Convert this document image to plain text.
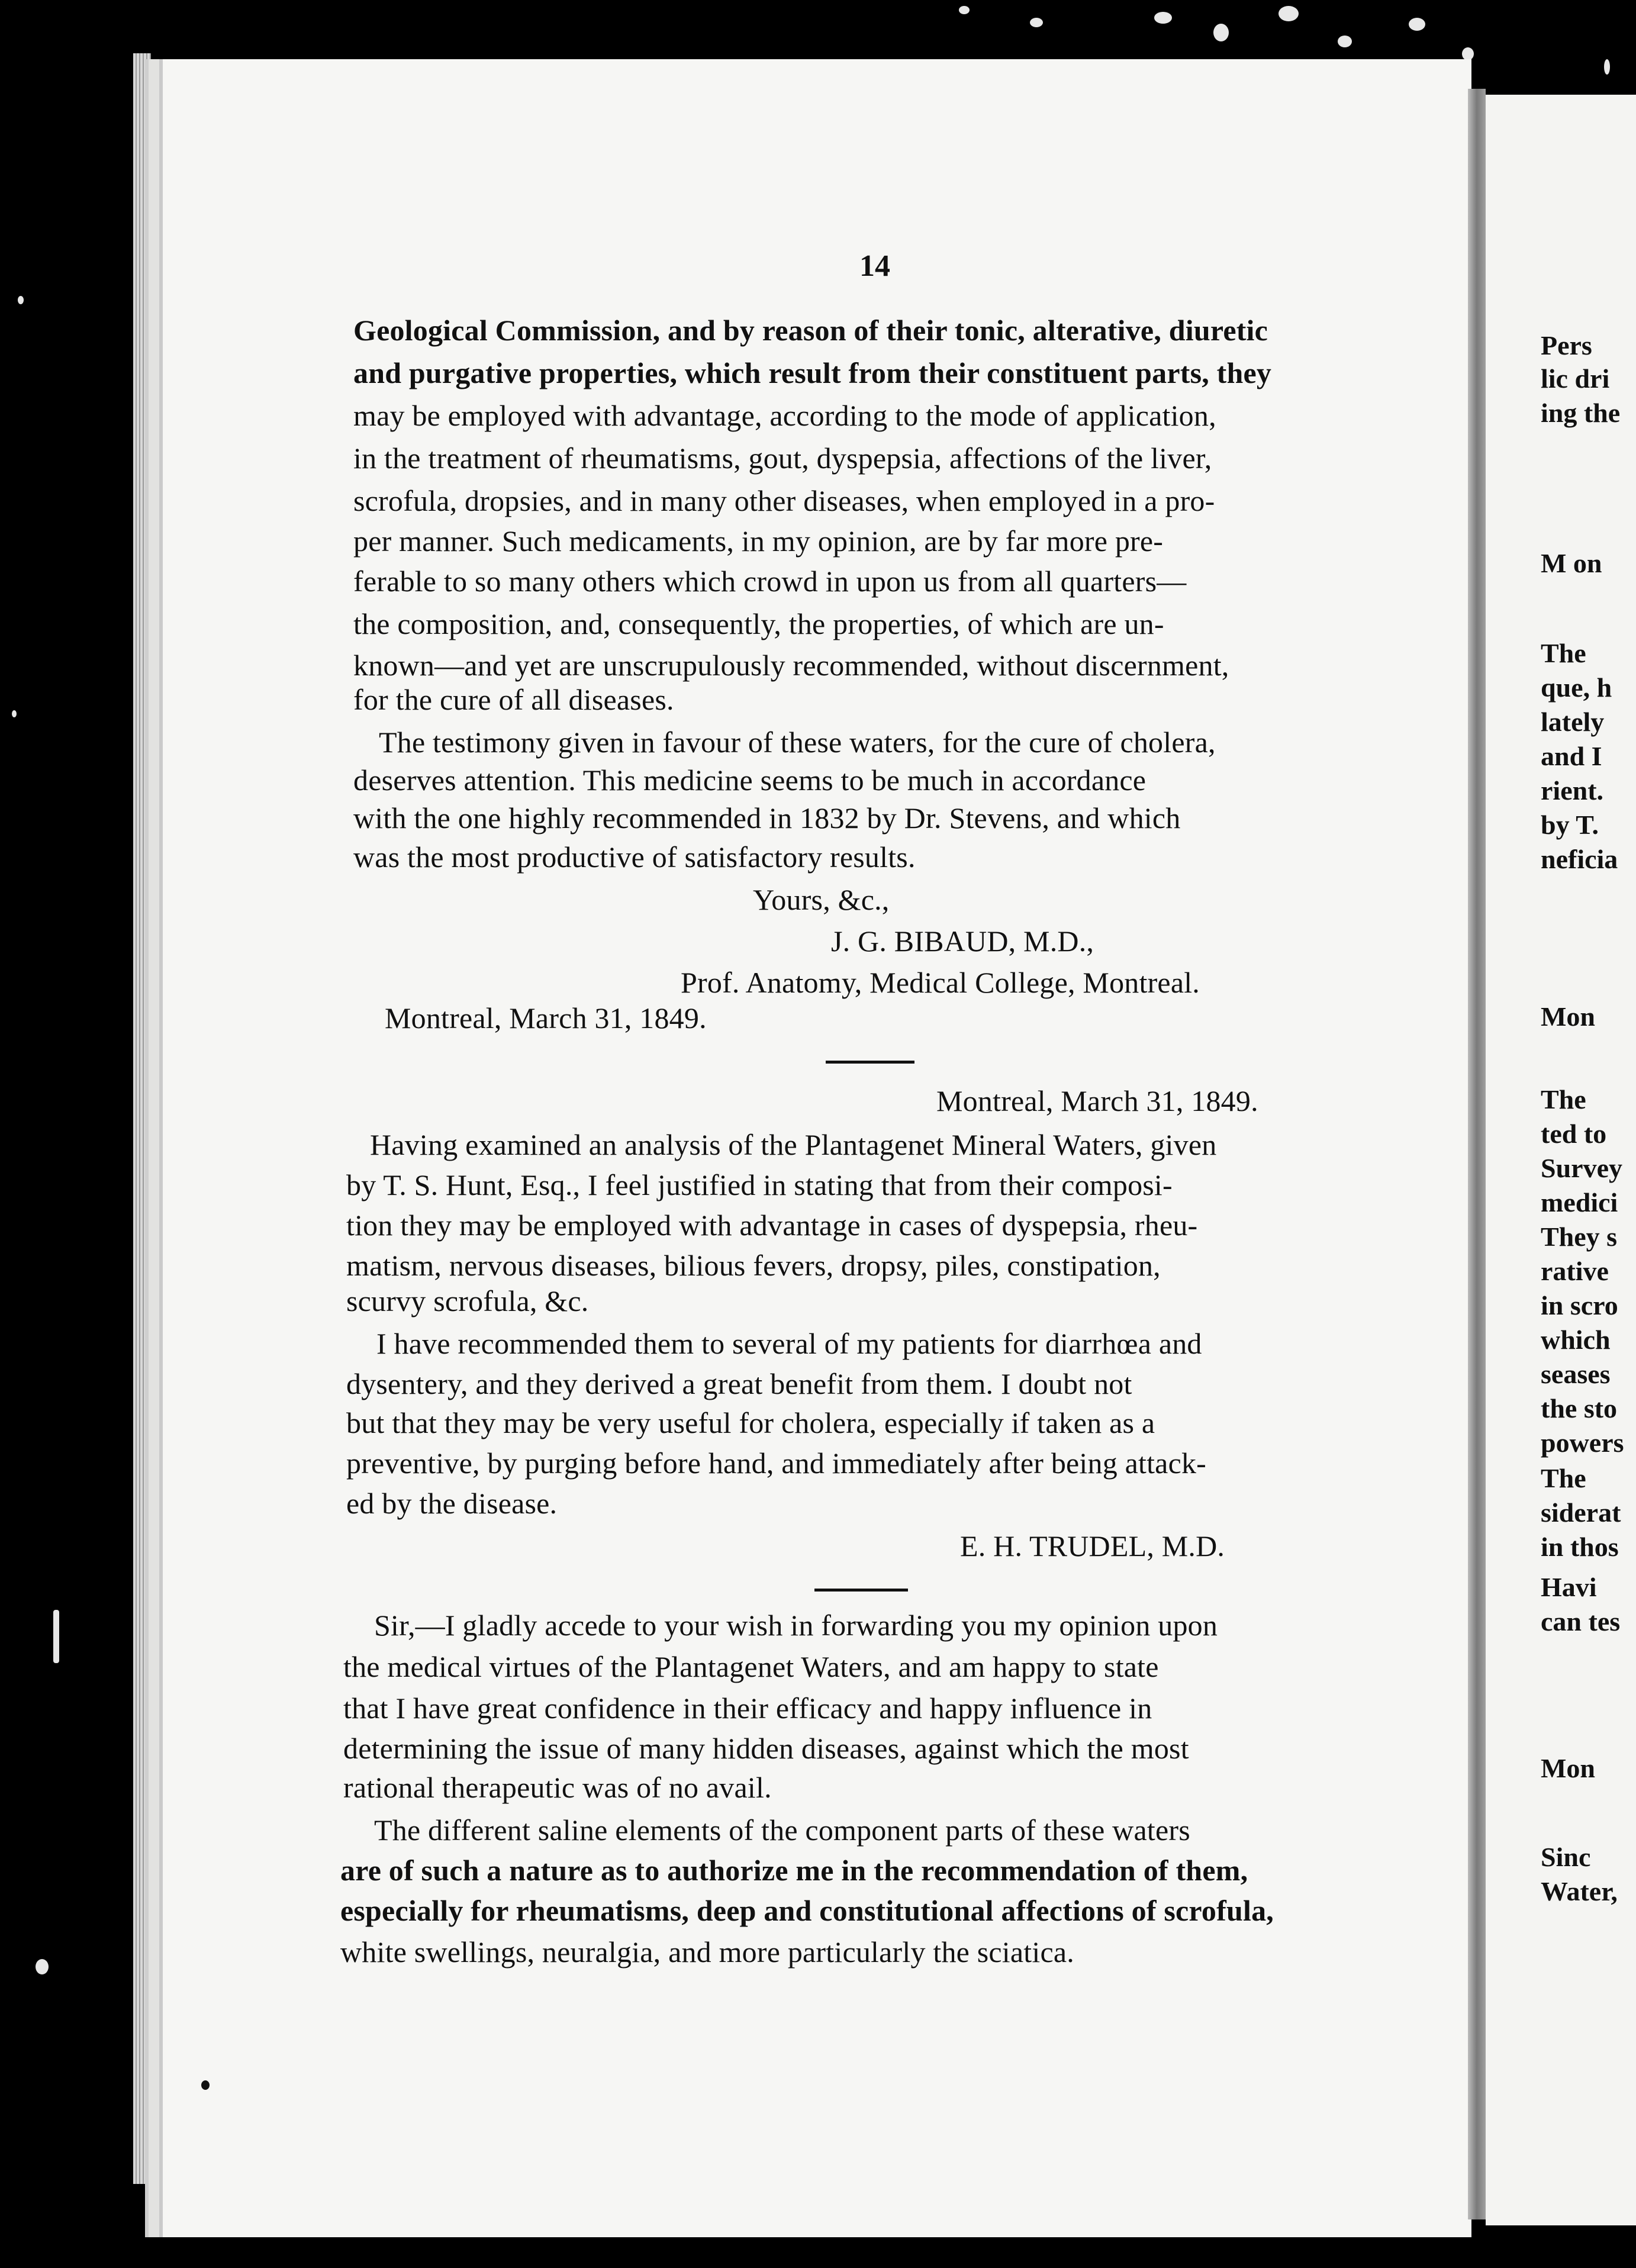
14
Geological Commission, and by reason of their tonic, alterative, diuretic
and purgative properties, which result from their constituent parts, they
may be employed with advantage, according to the mode of application,
in the treatment of rheumatisms, gout, dyspepsia, affections of the liver,
scrofula, dropsies, and in many other diseases, when employed in a pro-
per manner. Such medicaments, in my opinion, are by far more pre-
ferable to so many others which crowd in upon us from all quarters—
the composition, and, consequently, the properties, of which are un-
known—and yet are unscrupulously recommended, without discernment,
for the cure of all diseases.
The testimony given in favour of these waters, for the cure of cholera,
deserves attention. This medicine seems to be much in accordance
with the one highly recommended in 1832 by Dr. Stevens, and which
was the most productive of satisfactory results.
Yours, &c.,
J. G. BIBAUD, M.D.,
Prof. Anatomy, Medical College, Montreal.
Montreal, March 31, 1849.
Montreal, March 31, 1849.
Having examined an analysis of the Plantagenet Mineral Waters, given
by T. S. Hunt, Esq., I feel justified in stating that from their composi-
tion they may be employed with advantage in cases of dyspepsia, rheu-
matism, nervous diseases, bilious fevers, dropsy, piles, constipation,
scurvy scrofula, &c.
I have recommended them to several of my patients for diarrhœa and
dysentery, and they derived a great benefit from them. I doubt not
but that they may be very useful for cholera, especially if taken as a
preventive, by purging before hand, and immediately after being attack-
ed by the disease.
E. H. TRUDEL, M.D.
Sir,—I gladly accede to your wish in forwarding you my opinion upon
the medical virtues of the Plantagenet Waters, and am happy to state
that I have great confidence in their efficacy and happy influence in
determining the issue of many hidden diseases, against which the most
rational therapeutic was of no avail.
The different saline elements of the component parts of these waters
are of such a nature as to authorize me in the recommendation of them,
especially for rheumatisms, deep and constitutional affections of scrofula,
white swellings, neuralgia, and more particularly the sciatica.
Pers
lic dri
ing the
M on
The
que, h
lately
and I
rient.
by T.
neficia
Mon
The
ted to
Survey
medici
They s
rative
in scro
which
seases
the sto
powers
The
siderat
in thos
Havi
can tes
Mon
Sinc
Water,
